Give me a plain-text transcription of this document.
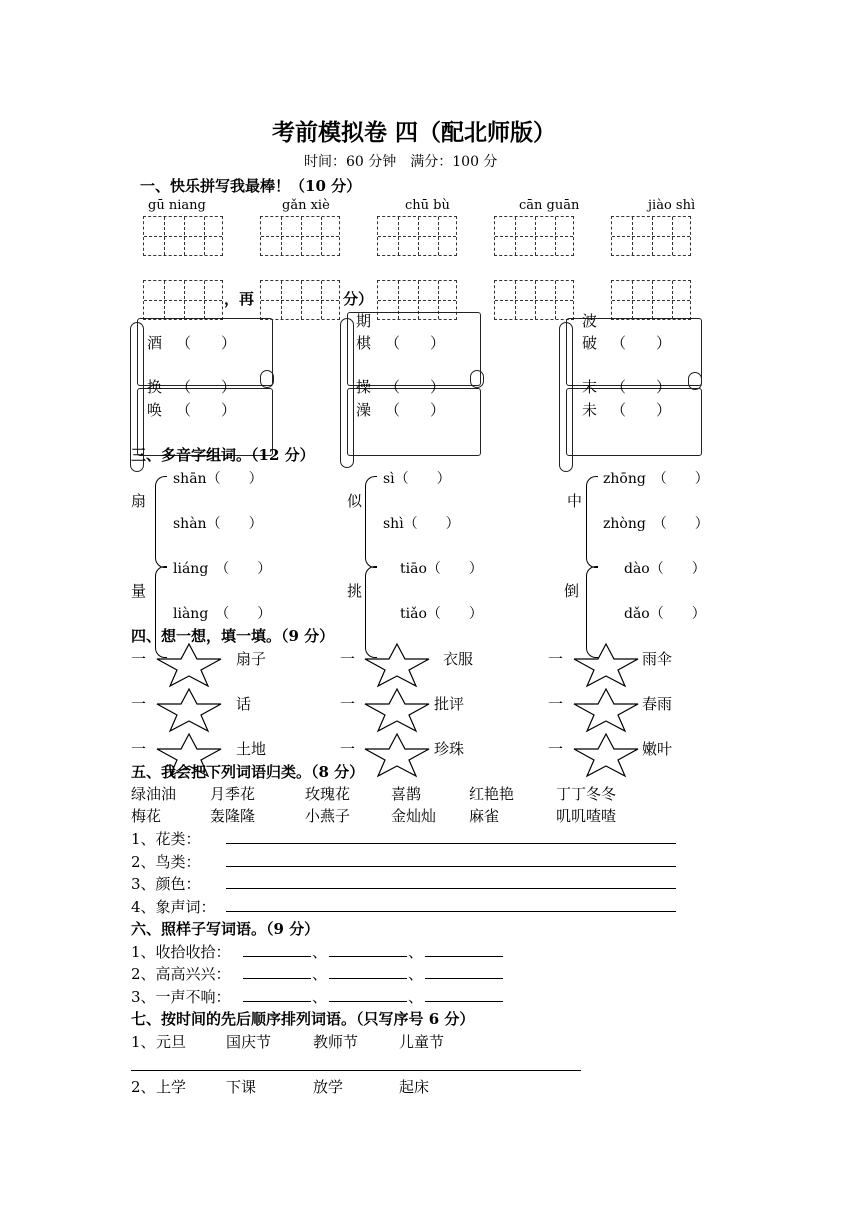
考前模拟卷 四（配北师版）
时间：60 分钟　满分：100 分
一、快乐拼写我最棒！（10 分）
gū niang	gǎn xiè	chū bù	cān guān	jiào shì
，再	分）
期	波
酒 （　　）
换 （　　）
唤 （　　）
棋 （　　）
操 （　　）
澡 （　　）
破 （　　）
末 （　　）
未 （　　）
三、多音字组词。（12 分）
扇
shān（　　）
shàn（　　）
似
sì（　　）
shì（　　）
中
zhōng　（　　）
zhòng　（　　）
量
liáng　（　　）
liàng　（　　）
挑
tiāo（　　）
tiǎo（　　）
倒
dào（　　）
dǎo（　　）
四、想一想，填一填。（9 分）
一	扇子	一	衣服	一	雨伞
一	话	一	批评	一	春雨
一	土地	一	珍珠	一	嫩叶
五、我会把下列词语归类。（8 分）
绿油油 月季花	玫瑰花	喜鹊	红艳艳	丁丁冬冬
梅花	轰隆隆	小燕子	金灿灿 麻雀	叽叽喳喳
1、花类：
2、鸟类：
3、颜色：
4、象声词：
六、照样子写词语。（9 分）
1、收拾收拾：	、	、
2、高高兴兴：	、	、
3、一声不响：	、	、
七、按时间的先后顺序排列词语。（只写序号 6 分）
1、 元旦	国庆节	教师节	儿童节
2、 上学	下课	放学	起床
